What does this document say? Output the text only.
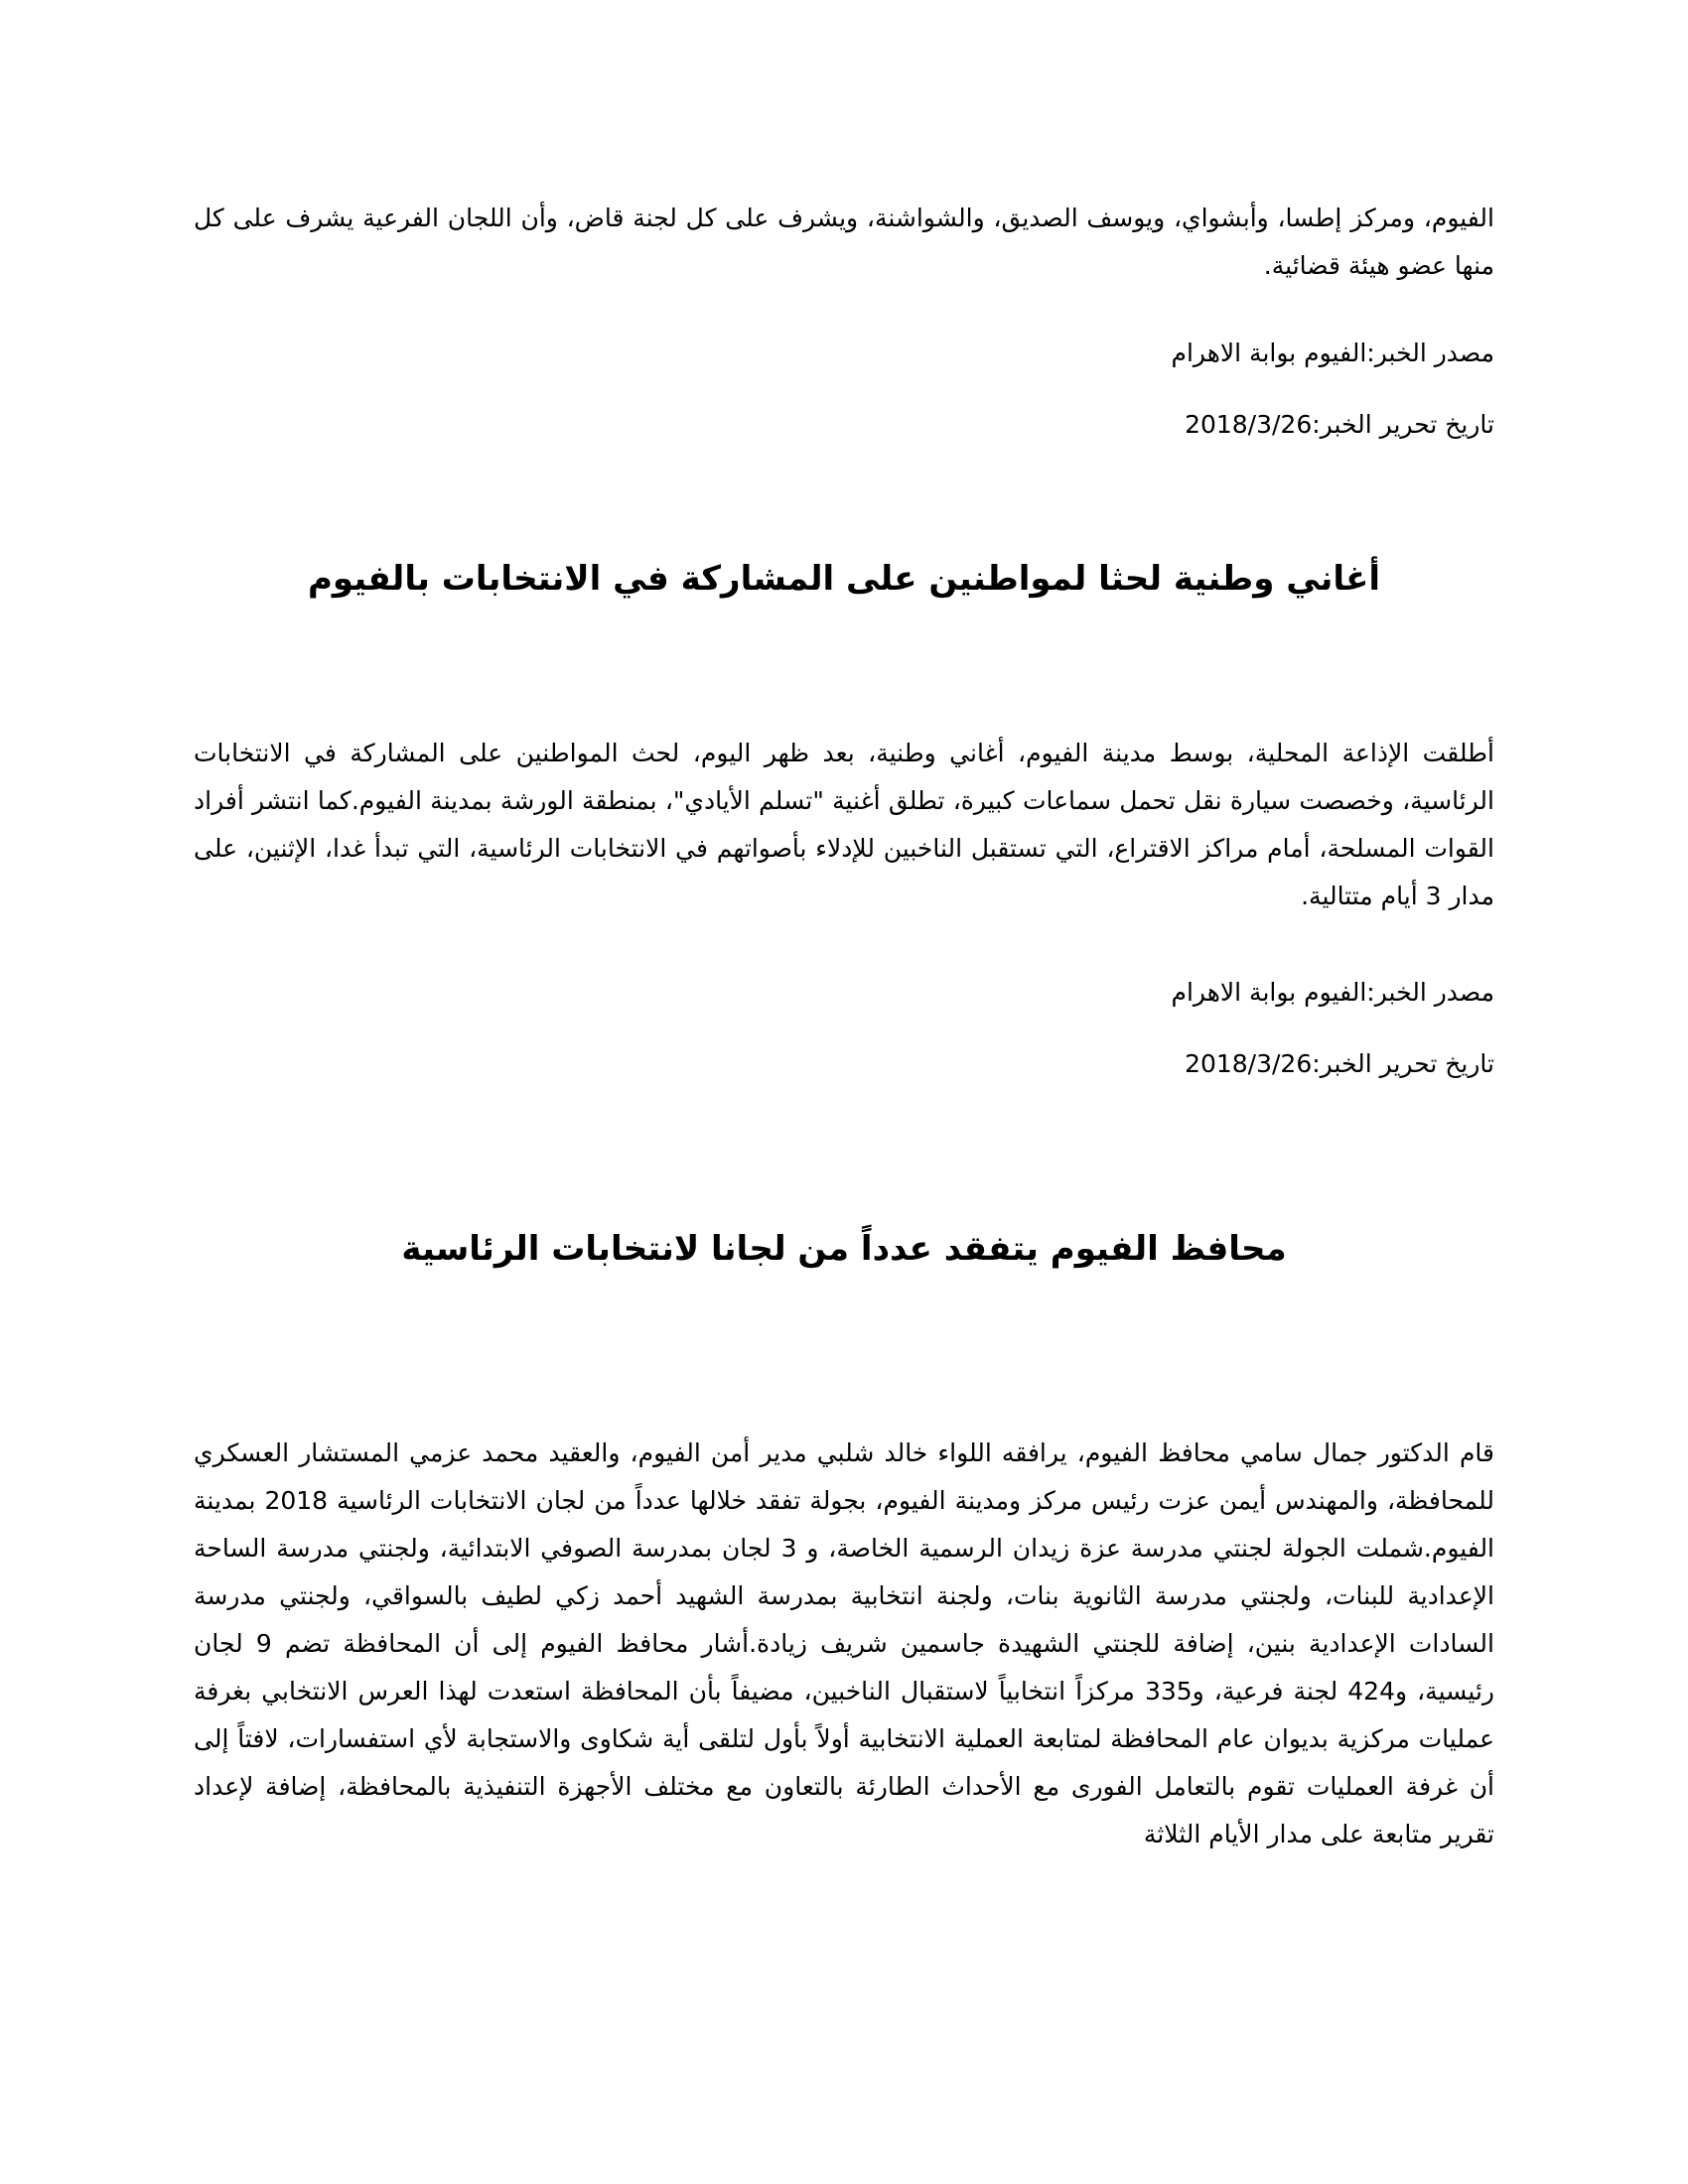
الفيوم، ومركز إطسا، وأبشواي، ويوسف الصديق، والشواشنة، ويشرف على كل لجنة قاض، وأن اللجان الفرعية يشرف على كل منها عضو هيئة قضائية.
مصدر الخبر:الفيوم بوابة الاهرام
تاريخ تحرير الخبر:2018/3/26
أغاني وطنية لحثا لمواطنين على المشاركة في الانتخابات بالفيوم
أطلقت الإذاعة المحلية، بوسط مدينة الفيوم، أغاني وطنية، بعد ظهر اليوم، لحث المواطنين على المشاركة في الانتخابات الرئاسية، وخصصت سيارة نقل تحمل سماعات كبيرة، تطلق أغنية "تسلم الأيادي"، بمنطقة الورشة بمدينة الفيوم.كما انتشر أفراد القوات المسلحة، أمام مراكز الاقتراع، التي تستقبل الناخبين للإدلاء بأصواتهم في الانتخابات الرئاسية، التي تبدأ غدا، الإثنين، على مدار 3 أيام متتالية.
مصدر الخبر:الفيوم بوابة الاهرام
تاريخ تحرير الخبر:2018/3/26
محافظ الفيوم يتفقد عدداً من لجانا لانتخابات الرئاسية
قام الدكتور جمال سامي محافظ الفيوم، يرافقه اللواء خالد شلبي مدير أمن الفيوم، والعقيد محمد عزمي المستشار العسكري للمحافظة، والمهندس أيمن عزت رئيس مركز ومدينة الفيوم، بجولة تفقد خلالها عدداً من لجان الانتخابات الرئاسية 2018 بمدينة الفيوم.شملت الجولة لجنتي مدرسة عزة زيدان الرسمية الخاصة، و 3 لجان بمدرسة الصوفي الابتدائية، ولجنتي مدرسة الساحة الإعدادية للبنات، ولجنتي مدرسة الثانوية بنات، ولجنة انتخابية بمدرسة الشهيد أحمد زكي لطيف بالسواقي، ولجنتي مدرسة السادات الإعدادية بنين، إضافة للجنتي الشهيدة جاسمين شريف زيادة.أشار محافظ الفيوم إلى أن المحافظة تضم 9 لجان رئيسية، و424 لجنة فرعية، و335 مركزاً انتخابياً لاستقبال الناخبين، مضيفاً بأن المحافظة استعدت لهذا العرس الانتخابي بغرفة عمليات مركزية بديوان عام المحافظة لمتابعة العملية الانتخابية أولاً بأول لتلقى أية شكاوى والاستجابة لأي استفسارات، لافتاً إلى أن غرفة العمليات تقوم بالتعامل الفورى مع الأحداث الطارئة بالتعاون مع مختلف الأجهزة التنفيذية بالمحافظة، إضافة لإعداد تقرير متابعة على مدار الأيام الثلاثة
